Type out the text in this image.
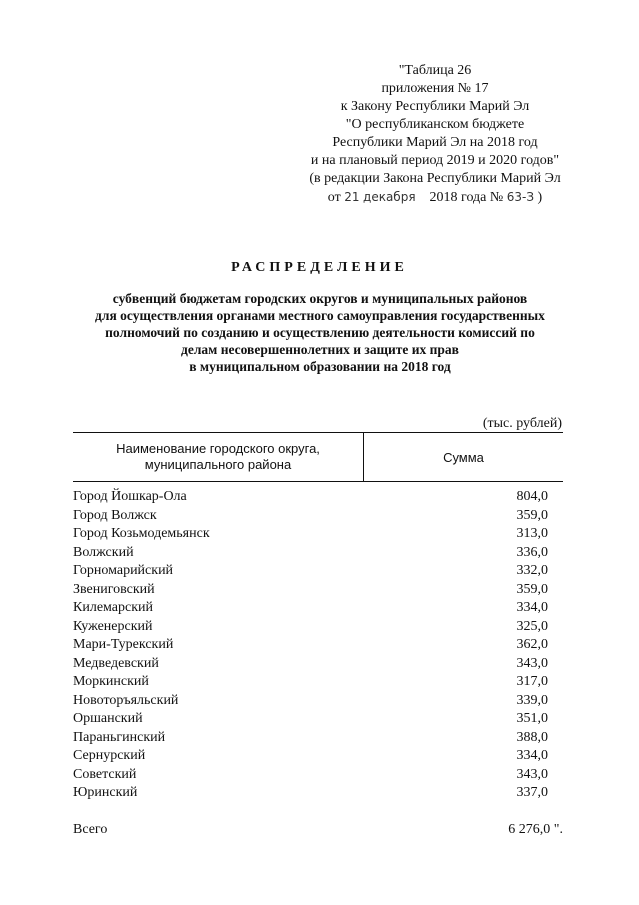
"Таблица 26
приложения № 17
к Закону Республики Марий Эл
"О республиканском бюджете
Республики Марий Эл на 2018 год
и на плановый период 2019 и 2020 годов"
(в редакции Закона Республики Марий Эл
от 21 декабря 2018 года № 63-З )
РАСПРЕДЕЛЕНИЕ
субвенций бюджетам городских округов и муниципальных районов
для осуществления органами местного самоуправления государственных
полномочий по созданию и осуществлению деятельности комиссий по
делам несовершеннолетних и защите их прав
в муниципальном образовании на 2018 год
(тыс. рублей)
Наименование городского округа,
муниципального района	Сумма
Город Йошкар-Ола	804,0
Город Волжск	359,0
Город Козьмодемьянск	313,0
Волжский	336,0
Горномарийский	332,0
Звениговский	359,0
Килемарский	334,0
Куженерский	325,0
Мари-Турекский	362,0
Медведевский	343,0
Моркинский	317,0
Новоторъяльский	339,0
Оршанский	351,0
Параньгинский	388,0
Сернурский	334,0
Советский	343,0
Юринский	337,0
Всего	6 276,0 ".
